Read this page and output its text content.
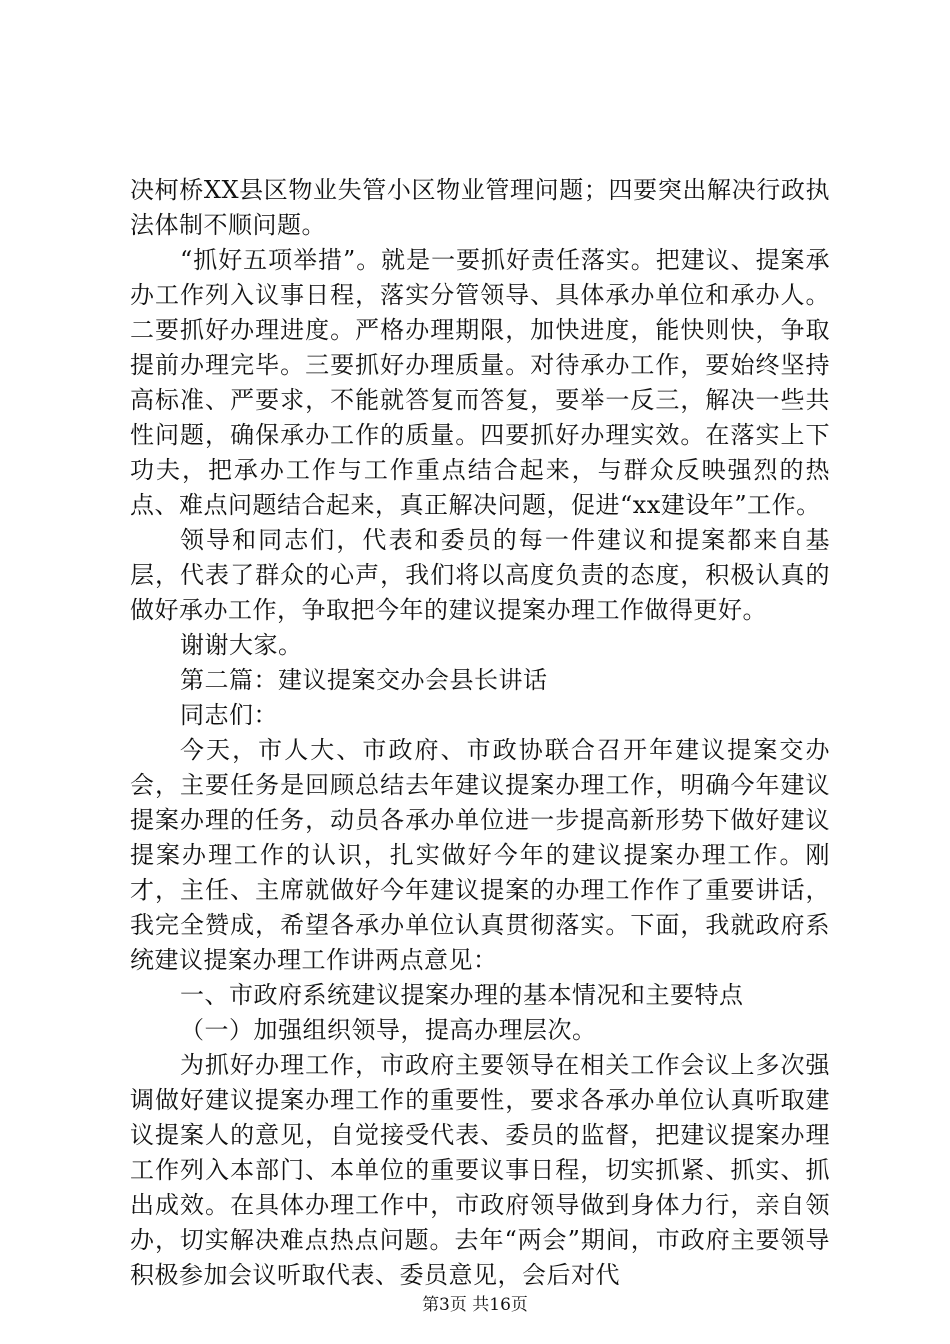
决柯桥XX县区物业失管小区物业管理问题；四要突出解决行政执法体制不顺问题。

“抓好五项举措”。就是一要抓好责任落实。把建议、提案承办工作列入议事日程，落实分管领导、具体承办单位和承办人。二要抓好办理进度。严格办理期限，加快进度，能快则快，争取提前办理完毕。三要抓好办理质量。对待承办工作，要始终坚持高标准、严要求，不能就答复而答复，要举一反三，解决一些共性问题，确保承办工作的质量。四要抓好办理实效。在落实上下功夫，把承办工作与工作重点结合起来，与群众反映强烈的热点、难点问题结合起来，真正解决问题，促进“xx建设年”工作。

领导和同志们，代表和委员的每一件建议和提案都来自基层，代表了群众的心声，我们将以高度负责的态度，积极认真的做好承办工作，争取把今年的建议提案办理工作做得更好。

谢谢大家。

第二篇：建议提案交办会县长讲话

同志们：

今天，市人大、市政府、市政协联合召开年建议提案交办会，主要任务是回顾总结去年建议提案办理工作，明确今年建议提案办理的任务，动员各承办单位进一步提高新形势下做好建议提案办理工作的认识，扎实做好今年的建议提案办理工作。刚才，主任、主席就做好今年建议提案的办理工作作了重要讲话，我完全赞成，希望各承办单位认真贯彻落实。下面，我就政府系统建议提案办理工作讲两点意见：

一、市政府系统建议提案办理的基本情况和主要特点

（一）加强组织领导，提高办理层次。

为抓好办理工作，市政府主要领导在相关工作会议上多次强调做好建议提案办理工作的重要性，要求各承办单位认真听取建议提案人的意见，自觉接受代表、委员的监督，把建议提案办理工作列入本部门、本单位的重要议事日程，切实抓紧、抓实、抓出成效。在具体办理工作中，市政府领导做到身体力行，亲自领办，切实解决难点热点问题。去年“两会”期间，市政府主要领导积极参加会议听取代表、委员意见，会后对代

第3页 共16页
